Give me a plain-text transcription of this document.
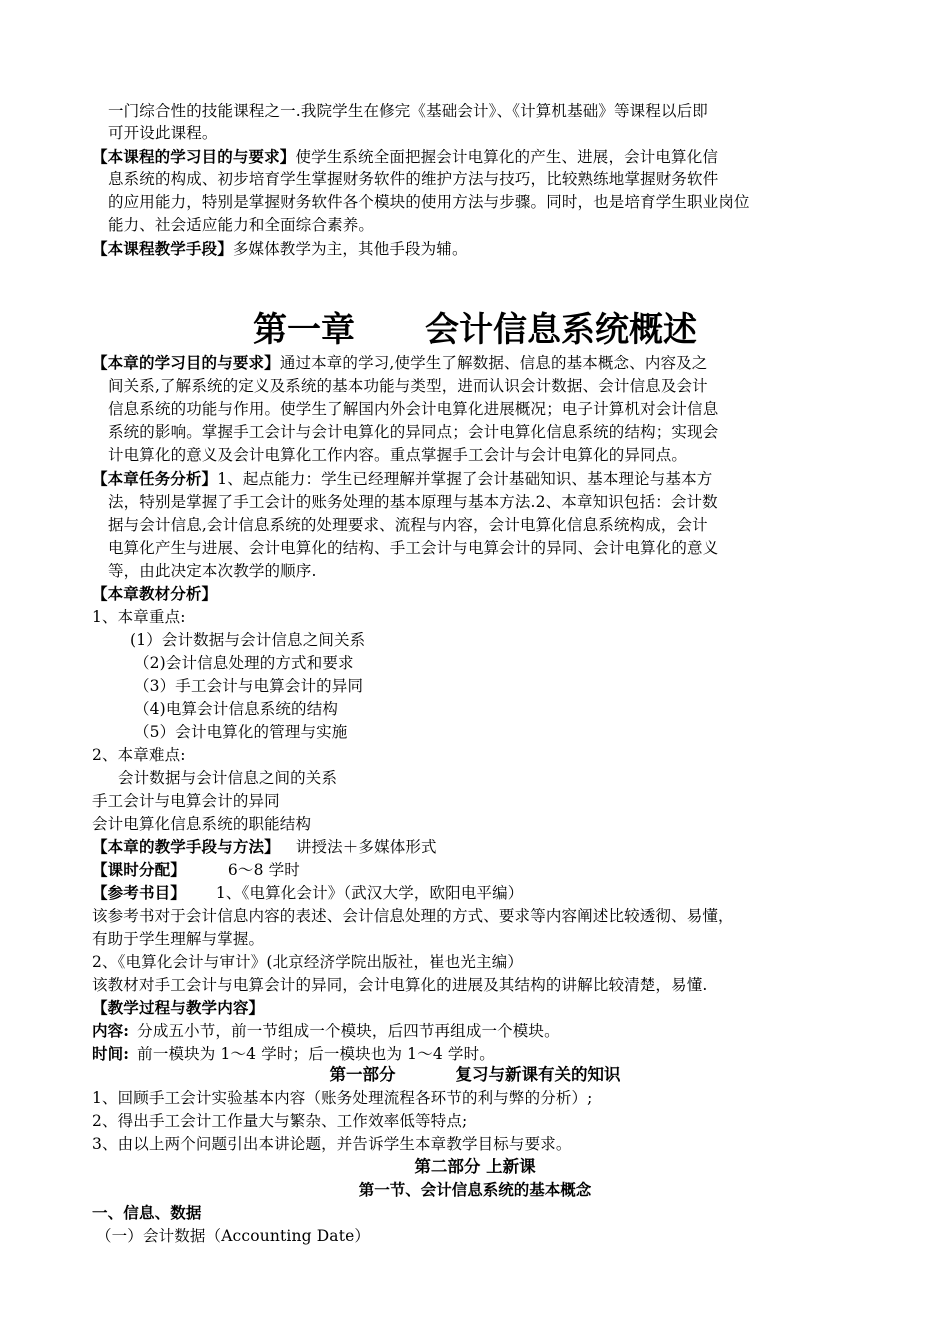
一门综合性的技能课程之一.我院学生在修完《基础会计》、《计算机基础》等课程以后即
可开设此课程。
【本课程的学习目的与要求】使学生系统全面把握会计电算化的产生、进展，会计电算化信
息系统的构成、初步培育学生掌握财务软件的维护方法与技巧，比较熟练地掌握财务软件
的应用能力，特别是掌握财务软件各个模块的使用方法与步骤。同时，也是培育学生职业岗位
能力、社会适应能力和全面综合素养。
【本课程教学手段】多媒体教学为主，其他手段为辅。
第一章 会计信息系统概述
【本章的学习目的与要求】通过本章的学习,使学生了解数据、信息的基本概念、内容及之
间关系,了解系统的定义及系统的基本功能与类型，进而认识会计数据、会计信息及会计
信息系统的功能与作用。使学生了解国内外会计电算化进展概况；电子计算机对会计信息
系统的影响。掌握手工会计与会计电算化的异同点；会计电算化信息系统的结构；实现会
计电算化的意义及会计电算化工作内容。重点掌握手工会计与会计电算化的异同点。
【本章任务分析】1、起点能力：学生已经理解并掌握了会计基础知识、基本理论与基本方
法，特别是掌握了手工会计的账务处理的基本原理与基本方法.2、本章知识包括：会计数
据与会计信息,会计信息系统的处理要求、流程与内容，会计电算化信息系统构成，会计
电算化产生与进展、会计电算化的结构、手工会计与电算会计的异同、会计电算化的意义
等，由此决定本次教学的顺序.
【本章教材分析】
1、本章重点:
(1）会计数据与会计信息之间关系
（2)会计信息处理的方式和要求
（3）手工会计与电算会计的异同
（4)电算会计信息系统的结构
（5）会计电算化的管理与实施
2、本章难点:
会计数据与会计信息之间的关系
手工会计与电算会计的异同
会计电算化信息系统的职能结构
【本章的教学手段与方法】 讲授法＋多媒体形式
【课时分配】	6～8 学时
【参考书目】 1、《电算化会计》（武汉大学，欧阳电平编）
该参考书对于会计信息内容的表述、会计信息处理的方式、要求等内容阐述比较透彻、易懂，
有助于学生理解与掌握。
2、《电算化会计与审计》(北京经济学院出版社，崔也光主编）
该教材对手工会计与电算会计的异同，会计电算化的进展及其结构的讲解比较清楚，易懂.
【教学过程与教学内容】
内容: 分成五小节，前一节组成一个模块，后四节再组成一个模块。
时间: 前一模块为 1～4 学时；后一模块也为 1～4 学时。
第一部分	复习与新课有关的知识
1、回顾手工会计实验基本内容（账务处理流程各环节的利与弊的分析）;
2、得出手工会计工作量大与繁杂、工作效率低等特点;
3、由以上两个问题引出本讲论题，并告诉学生本章教学目标与要求。
第二部分 上新课
第一节、会计信息系统的基本概念
一、信息、数据
（一）会计数据（Accounting Date）
